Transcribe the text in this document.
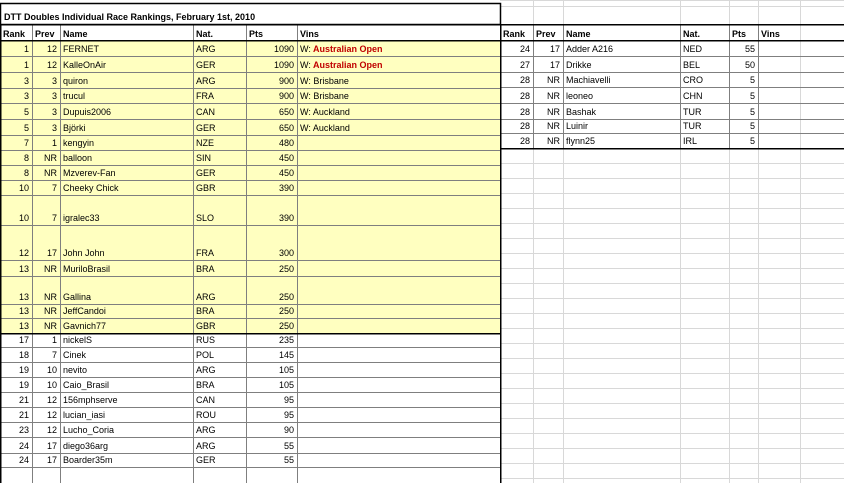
DTT Doubles Individual Race Rankings, February 1st, 2010
Rank Prev Name	Nat.	Pts	Vins	Rank Prev Name	Nat.	Pts Vins
1 12 FERNET	ARG	1090 W: Australian Open
1 12 KalleOnAir	GER	1090 W: Australian Open
3	3 quiron	ARG	900 W: Brisbane
3	3 trucul	FRA	900 W: Brisbane
5	3 Dupuis2006	CAN	650 W: Auckland
5	3 Björki	GER	650 W: Auckland
7	1 kengyin	NZE	480
8 NR balloon	SIN	450
8 NR Mzverev-Fan	GER	450
10	7 Cheeky Chick	GBR	390
10	7 igralec33	SLO	390
12 17 John John	FRA	300
13 NR MuriloBrasil	BRA	250
13 NR Gallina	ARG	250
13 NR JeffCandoi	BRA	250
13 NR Gavnich77	GBR	250
17	1 nickelS	RUS	235
18	7 Cinek	POL	145
19 10 nevito	ARG	105
19 10 Caio_Brasil	BRA	105
21 12 156mphserve	CAN	95
21 12 lucian_iasi	ROU	95
23 12 Lucho_Coria	ARG	90
24 17 diego36arg	ARG	55
24 17 Boarder35m	GER	55
24 17 Adder A216	NED	55
27 17 Drikke	BEL	50
28 NR Machiavelli	CRO	5
28 NR leoneo	CHN	5
28 NR Bashak	TUR	5
28 NR Luinir	TUR	5
28 NR flynn25	IRL	5
